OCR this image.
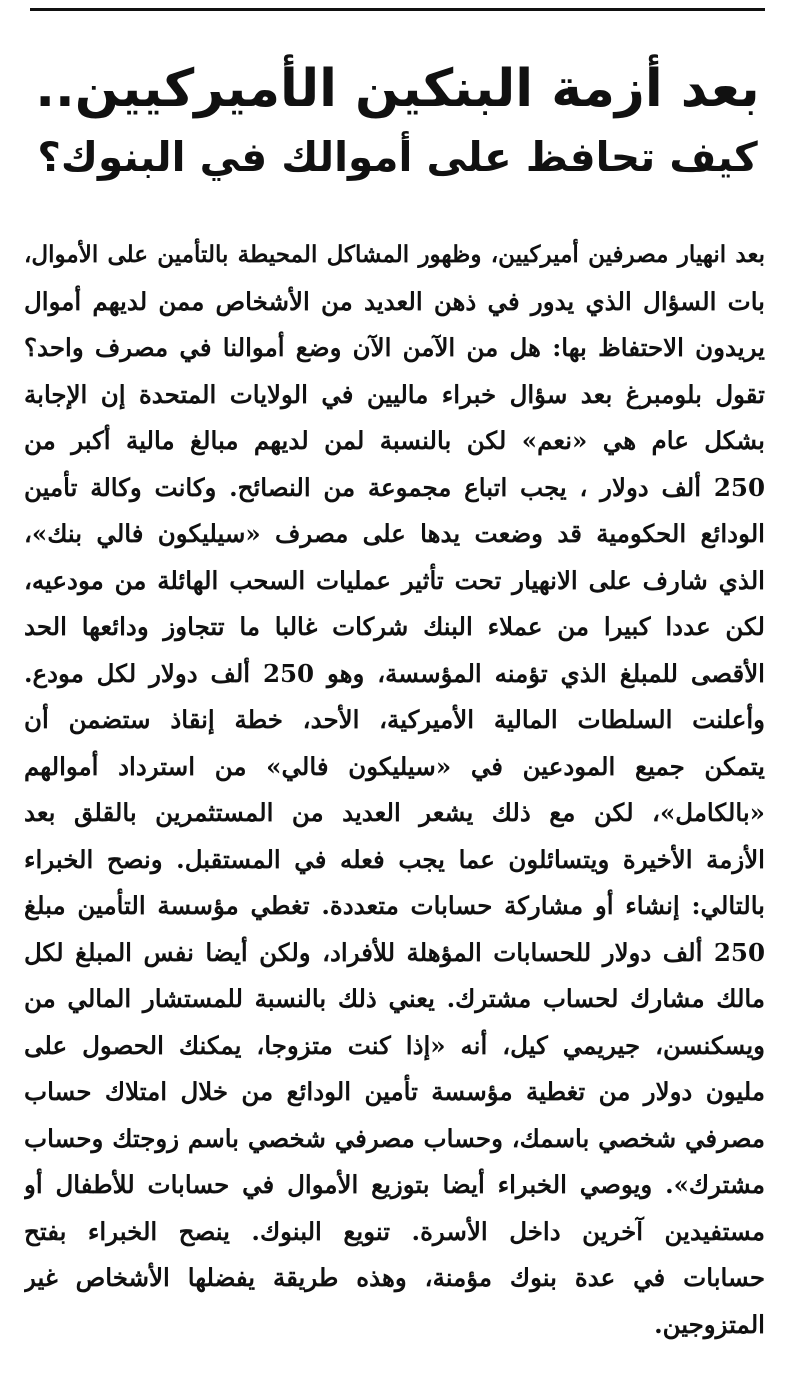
بعد أزمة البنكين الأميركيين..
كيف تحافظ على أموالك في البنوك؟
بعد انهيار مصرفين أميركيين، وظهور المشاكل المحيطة بالتأمين على الأموال،
بات السؤال الذي يدور في ذهن العديد من الأشخاص ممن لديهم أموال
يريدون الاحتفاظ بها: هل من الآمن الآن وضع أموالنا في مصرف واحد؟
تقول بلومبرغ بعد سؤال خبراء ماليين في الولايات المتحدة إن الإجابة
بشكل عام هي «نعم» لكن بالنسبة لمن لديهم مبالغ مالية أكبر من
250 ألف دولار ، يجب اتباع مجموعة من النصائح. وكانت وكالة تأمين
الودائع الحكومية قد وضعت يدها على مصرف «سيليكون فالي بنك»،
الذي شارف على الانهيار تحت تأثير عمليات السحب الهائلة من مودعيه،
لكن عددا كبيرا من عملاء البنك شركات غالبا ما تتجاوز ودائعها الحد
الأقصى للمبلغ الذي تؤمنه المؤسسة، وهو 250 ألف دولار لكل مودع.
وأعلنت السلطات المالية الأميركية، الأحد، خطة إنقاذ ستضمن أن
يتمكن جميع المودعين في «سيليكون فالي» من استرداد أموالهم
«بالكامل»، لكن مع ذلك يشعر العديد من المستثمرين بالقلق بعد
الأزمة الأخيرة ويتسائلون عما يجب فعله في المستقبل. ونصح الخبراء
بالتالي: إنشاء أو مشاركة حسابات متعددة. تغطي مؤسسة التأمين مبلغ
250 ألف دولار للحسابات المؤهلة للأفراد، ولكن أيضا نفس المبلغ لكل
مالك مشارك لحساب مشترك. يعني ذلك بالنسبة للمستشار المالي من
ويسكنسن، جيريمي كيل، أنه «إذا كنت متزوجا، يمكنك الحصول على
مليون دولار من تغطية مؤسسة تأمين الودائع من خلال امتلاك حساب
مصرفي شخصي باسمك، وحساب مصرفي شخصي باسم زوجتك وحساب
مشترك». ويوصي الخبراء أيضا بتوزيع الأموال في حسابات للأطفال أو
مستفيدين آخرين داخل الأسرة. تنويع البنوك. ينصح الخبراء بفتح
حسابات في عدة بنوك مؤمنة، وهذه طريقة يفضلها الأشخاص غير
المتزوجين.
